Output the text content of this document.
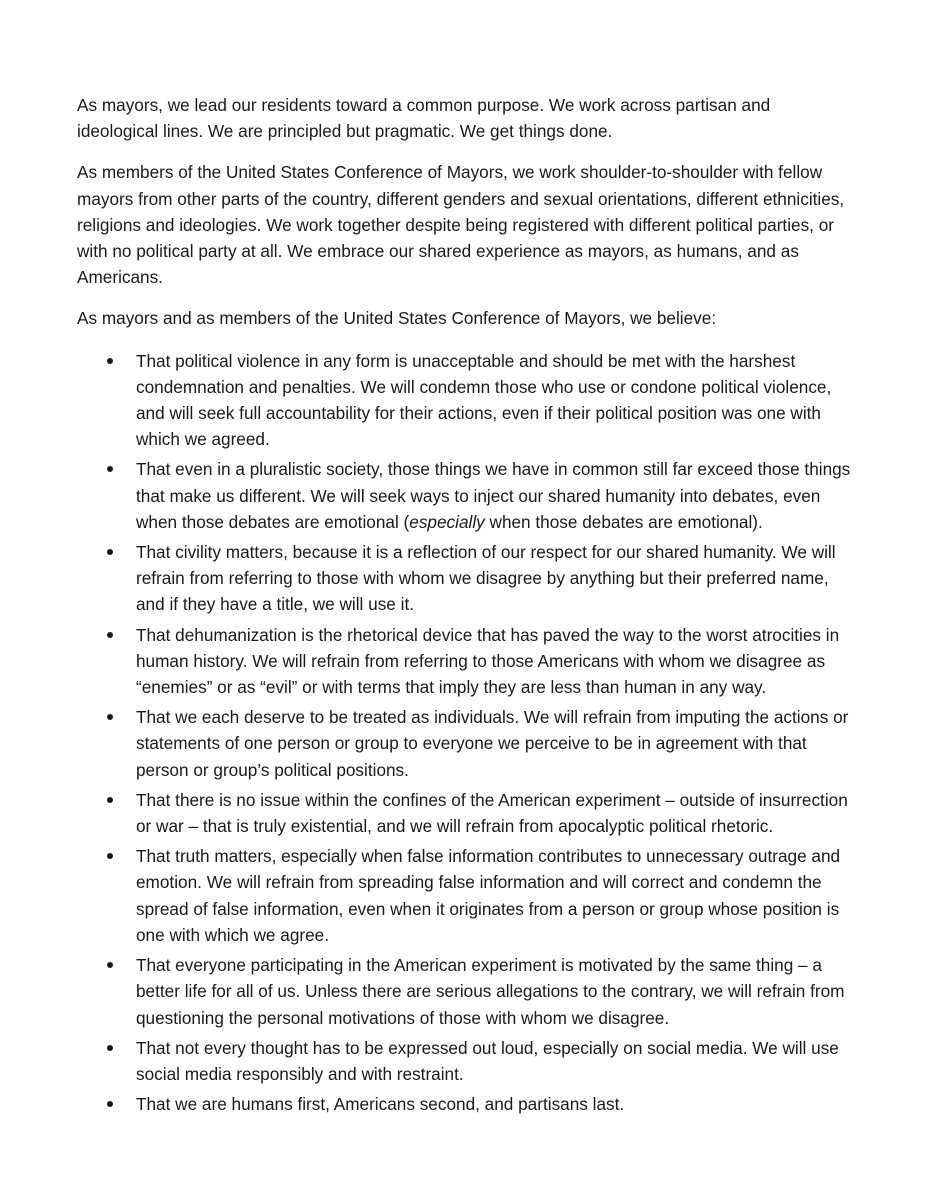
As mayors, we lead our residents toward a common purpose. We work across partisan and ideological lines. We are principled but pragmatic. We get things done.

As members of the United States Conference of Mayors, we work shoulder-to-shoulder with fellow mayors from other parts of the country, different genders and sexual orientations, different ethnicities, religions and ideologies. We work together despite being registered with different political parties, or with no political party at all. We embrace our shared experience as mayors, as humans, and as Americans.

As mayors and as members of the United States Conference of Mayors, we believe:

That political violence in any form is unacceptable and should be met with the harshest condemnation and penalties. We will condemn those who use or condone political violence, and will seek full accountability for their actions, even if their political position was one with which we agreed.
That even in a pluralistic society, those things we have in common still far exceed those things that make us different. We will seek ways to inject our shared humanity into debates, even when those debates are emotional (especially when those debates are emotional).
That civility matters, because it is a reflection of our respect for our shared humanity. We will refrain from referring to those with whom we disagree by anything but their preferred name, and if they have a title, we will use it.
That dehumanization is the rhetorical device that has paved the way to the worst atrocities in human history. We will refrain from referring to those Americans with whom we disagree as “enemies” or as “evil” or with terms that imply they are less than human in any way.
That we each deserve to be treated as individuals. We will refrain from imputing the actions or statements of one person or group to everyone we perceive to be in agreement with that person or group’s political positions.
That there is no issue within the confines of the American experiment – outside of insurrection or war – that is truly existential, and we will refrain from apocalyptic political rhetoric.
That truth matters, especially when false information contributes to unnecessary outrage and emotion. We will refrain from spreading false information and will correct and condemn the spread of false information, even when it originates from a person or group whose position is one with which we agree.
That everyone participating in the American experiment is motivated by the same thing – a better life for all of us. Unless there are serious allegations to the contrary, we will refrain from questioning the personal motivations of those with whom we disagree.
That not every thought has to be expressed out loud, especially on social media. We will use social media responsibly and with restraint.
That we are humans first, Americans second, and partisans last.
